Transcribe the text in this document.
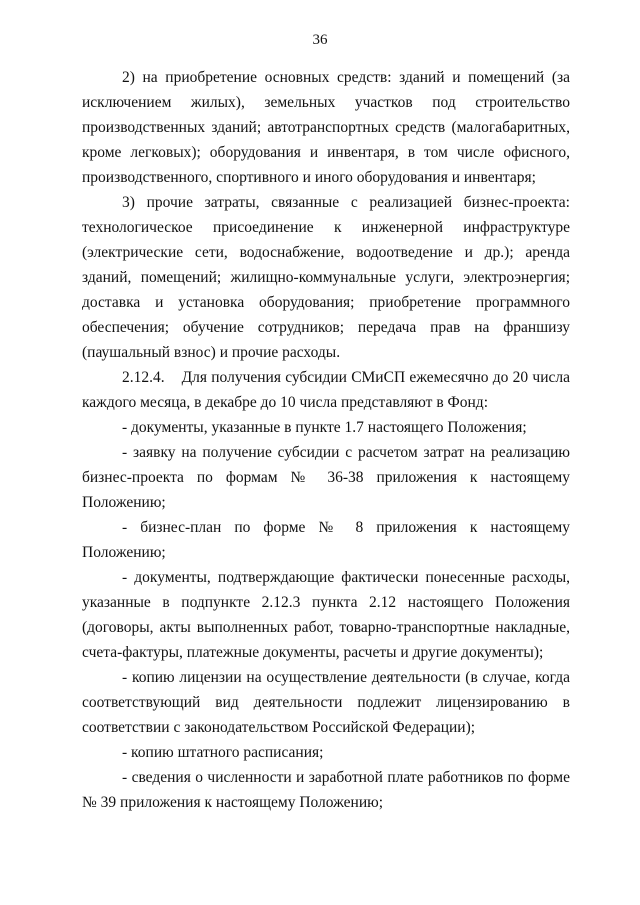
36

2) на приобретение основных средств: зданий и помещений (за исключением жилых), земельных участков под строительство производственных зданий; автотранспортных средств (малогабаритных, кроме легковых); оборудования и инвентаря, в том числе офисного, производственного, спортивного и иного оборудования и инвентаря;

3) прочие затраты, связанные с реализацией бизнес-проекта: технологическое присоединение к инженерной инфраструктуре (электрические сети, водоснабжение, водоотведение и др.); аренда зданий, помещений; жилищно-коммунальные услуги, электроэнергия; доставка и установка оборудования; приобретение программного обеспечения; обучение сотрудников; передача прав на франшизу (паушальный взнос) и прочие расходы.

2.12.4.    Для получения субсидии СМиСП ежемесячно до 20 числа каждого месяца, в декабре до 10 числа представляют в Фонд:

- документы, указанные в пункте 1.7 настоящего Положения;

- заявку на получение субсидии с расчетом затрат на реализацию бизнес-проекта по формам № 36-38 приложения к настоящему Положению;

- бизнес-план по форме № 8 приложения к настоящему Положению;

- документы, подтверждающие фактически понесенные расходы, указанные в подпункте 2.12.3 пункта 2.12 настоящего Положения (договоры, акты выполненных работ, товарно-транспортные накладные, счета-фактуры, платежные документы, расчеты и другие документы);

- копию лицензии на осуществление деятельности (в случае, когда соответствующий вид деятельности подлежит лицензированию в соответствии с законодательством Российской Федерации);

- копию штатного расписания;

- сведения о численности и заработной плате работников по форме № 39 приложения к настоящему Положению;
